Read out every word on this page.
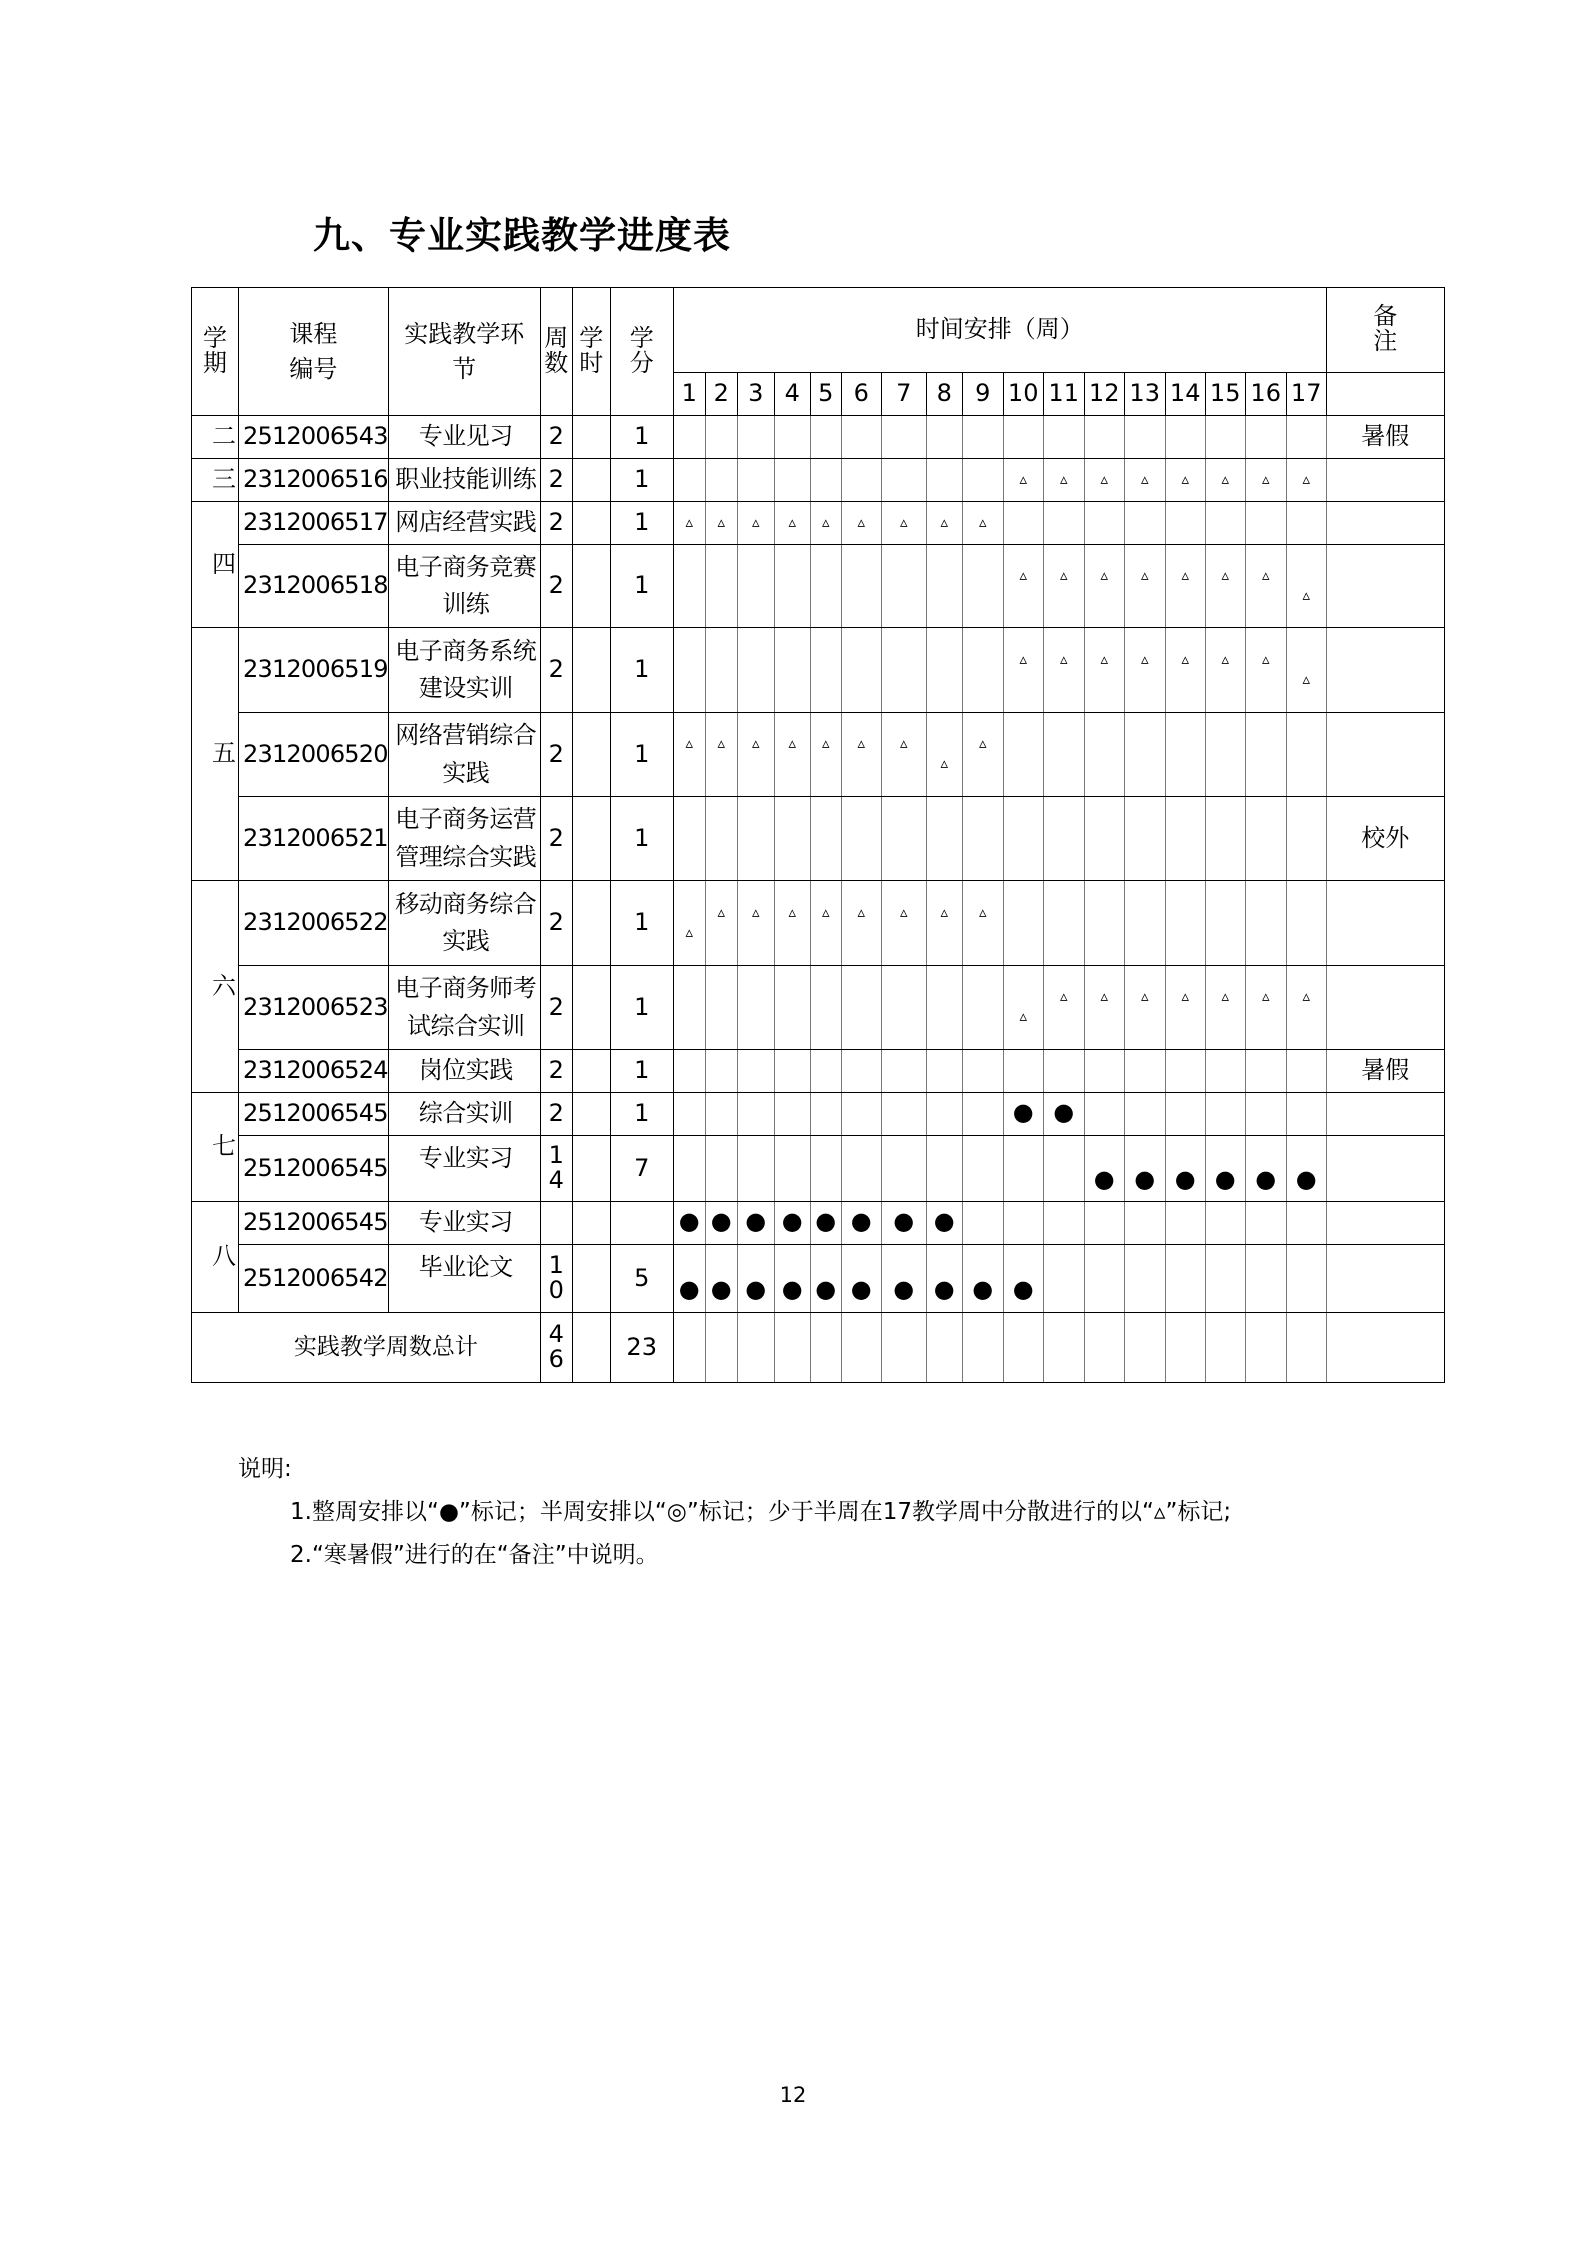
九、专业实践教学进度表
学期	课程编号	实践教学环节	周数	学时	学分	时间安排（周）																	备注
						1	2	3	4	5	6	7	8	9	10	11	12	13	14	15	16	17	
二	2512006543	专业见习	2		1																		暑假
三	2312006516	职业技能训练	2		1										▵	▵	▵	▵	▵	▵	▵	▵	

四	2312006517	网店经营实践	2		1	▵	▵	▵	▵	▵	▵	▵	▵	▵									

	2312006518	电子商务竞赛训练	2		1										▵	▵	▵	▵	▵	▵	▵	▵	

五	2312006519	电子商务系统建设实训	2		1										▵	▵	▵	▵	▵	▵	▵	▵	

	2312006520	网络营销综合实践	2		1	▵	▵	▵	▵	▵	▵	▵	▵	▵									

	2312006521	电子商务运营管理综合实践	2		1																		校外
六	2312006522	移动商务综合实践	2		1	▵	▵	▵	▵	▵	▵	▵	▵	▵									

	2312006523	电子商务师考试综合实训	2		1										▵	▵	▵	▵	▵	▵	▵	▵	

	2312006524	岗位实践	2		1																		暑假
七	2512006545	综合实训	2		1										●	●							

	2512006545	专业实习	14		7												●	●	●	●	●	●	

八	2512006545	专业实习				●	●	●	●	●	●	●	●										

	2512006542	毕业论文	10		5	●	●	●	●	●	●	●	●	●	●								

实践教学周数总计			46		23																		
说明:
1.整周安排以“●”标记；半周安排以“◎”标记；少于半周在17教学周中分散进行的以“▵”标记;
2.“寒暑假”进行的在“备注”中说明。
12
